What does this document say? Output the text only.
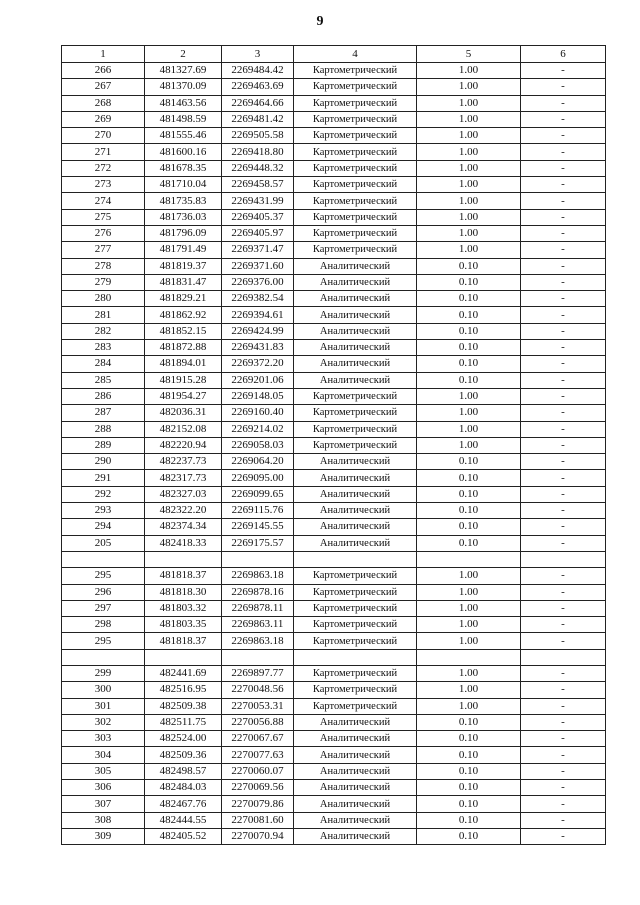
9
1	2	3	4	5	6
266	481327.69	2269484.42	Картометрический	1.00	-
267	481370.09	2269463.69	Картометрический	1.00	-
268	481463.56	2269464.66	Картометрический	1.00	-
269	481498.59	2269481.42	Картометрический	1.00	-
270	481555.46	2269505.58	Картометрический	1.00	-
271	481600.16	2269418.80	Картометрический	1.00	-
272	481678.35	2269448.32	Картометрический	1.00	-
273	481710.04	2269458.57	Картометрический	1.00	-
274	481735.83	2269431.99	Картометрический	1.00	-
275	481736.03	2269405.37	Картометрический	1.00	-
276	481796.09	2269405.97	Картометрический	1.00	-
277	481791.49	2269371.47	Картометрический	1.00	-
278	481819.37	2269371.60	Аналитический	0.10	-
279	481831.47	2269376.00	Аналитический	0.10	-
280	481829.21	2269382.54	Аналитический	0.10	-
281	481862.92	2269394.61	Аналитический	0.10	-
282	481852.15	2269424.99	Аналитический	0.10	-
283	481872.88	2269431.83	Аналитический	0.10	-
284	481894.01	2269372.20	Аналитический	0.10	-
285	481915.28	2269201.06	Аналитический	0.10	-
286	481954.27	2269148.05	Картометрический	1.00	-
287	482036.31	2269160.40	Картометрический	1.00	-
288	482152.08	2269214.02	Картометрический	1.00	-
289	482220.94	2269058.03	Картометрический	1.00	-
290	482237.73	2269064.20	Аналитический	0.10	-
291	482317.73	2269095.00	Аналитический	0.10	-
292	482327.03	2269099.65	Аналитический	0.10	-
293	482322.20	2269115.76	Аналитический	0.10	-
294	482374.34	2269145.55	Аналитический	0.10	-
205	482418.33	2269175.57	Аналитический	0.10	-

295	481818.37	2269863.18	Картометрический	1.00	-
296	481818.30	2269878.16	Картометрический	1.00	-
297	481803.32	2269878.11	Картометрический	1.00	-
298	481803.35	2269863.11	Картометрический	1.00	-
295	481818.37	2269863.18	Картометрический	1.00	-

299	482441.69	2269897.77	Картометрический	1.00	-
300	482516.95	2270048.56	Картометрический	1.00	-
301	482509.38	2270053.31	Картометрический	1.00	-
302	482511.75	2270056.88	Аналитический	0.10	-
303	482524.00	2270067.67	Аналитический	0.10	-
304	482509.36	2270077.63	Аналитический	0.10	-
305	482498.57	2270060.07	Аналитический	0.10	-
306	482484.03	2270069.56	Аналитический	0.10	-
307	482467.76	2270079.86	Аналитический	0.10	-
308	482444.55	2270081.60	Аналитический	0.10	-
309	482405.52	2270070.94	Аналитический	0.10	-
